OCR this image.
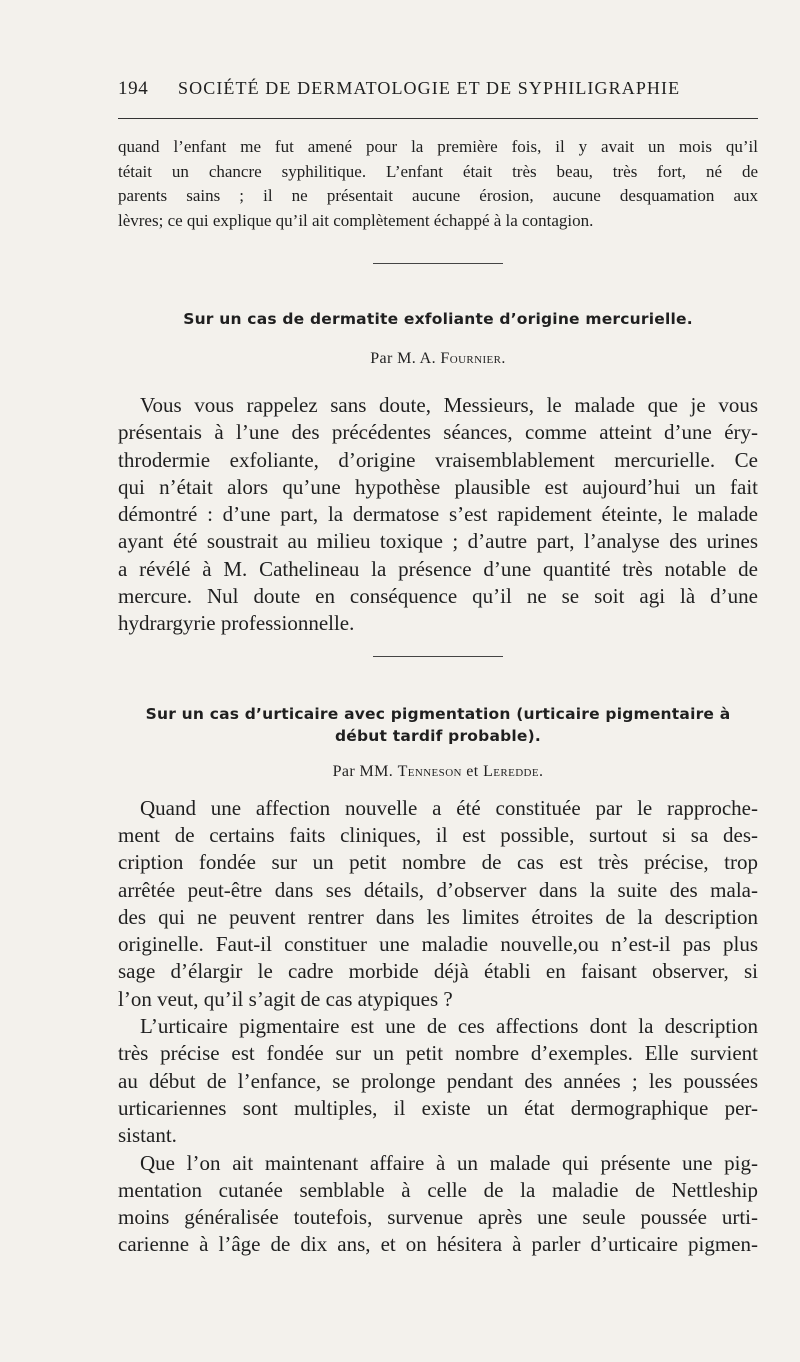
194	SOCIÉTÉ DE DERMATOLOGIE ET DE SYPHILIGRAPHIE

quand l’enfant me fut amené pour la première fois, il y avait un mois qu’il
tétait un chancre syphilitique. L’enfant était très beau, très fort, né de
parents sains ; il ne présentait aucune érosion, aucune desquamation aux
lèvres; ce qui explique qu’il ait complètement échappé à la contagion.

Sur un cas de dermatite exfoliante d’origine mercurielle.
Par M. A. Fournier.

Vous vous rappelez sans doute, Messieurs, le malade que je vous
présentais à l’une des précédentes séances, comme atteint d’une éry-
throdermie exfoliante, d’origine vraisemblablement mercurielle. Ce
qui n’était alors qu’une hypothèse plausible est aujourd’hui un fait
démontré : d’une part, la dermatose s’est rapidement éteinte, le malade
ayant été soustrait au milieu toxique ; d’autre part, l’analyse des urines
a révélé à M. Cathelineau la présence d’une quantité très notable de
mercure. Nul doute en conséquence qu’il ne se soit agi là d’une
hydrargyrie professionnelle.

Sur un cas d’urticaire avec pigmentation (urticaire pigmentaire à
début tardif probable).
Par MM. Tenneson et Leredde.

Quand une affection nouvelle a été constituée par le rapproche-
ment de certains faits cliniques, il est possible, surtout si sa des-
cription fondée sur un petit nombre de cas est très précise, trop
arrêtée peut-être dans ses détails, d’observer dans la suite des mala-
des qui ne peuvent rentrer dans les limites étroites de la description
originelle. Faut-il constituer une maladie nouvelle,ou n’est-il pas plus
sage d’élargir le cadre morbide déjà établi en faisant observer, si
l’on veut, qu’il s’agit de cas atypiques ?

L’urticaire pigmentaire est une de ces affections dont la description
très précise est fondée sur un petit nombre d’exemples. Elle survient
au début de l’enfance, se prolonge pendant des années ; les poussées
urticariennes sont multiples, il existe un état dermographique per-
sistant.

Que l’on ait maintenant affaire à un malade qui présente une pig-
mentation cutanée semblable à celle de la maladie de Nettleship
moins généralisée toutefois, survenue après une seule poussée urti-
carienne à l’âge de dix ans, et on hésitera à parler d’urticaire pigmen-
